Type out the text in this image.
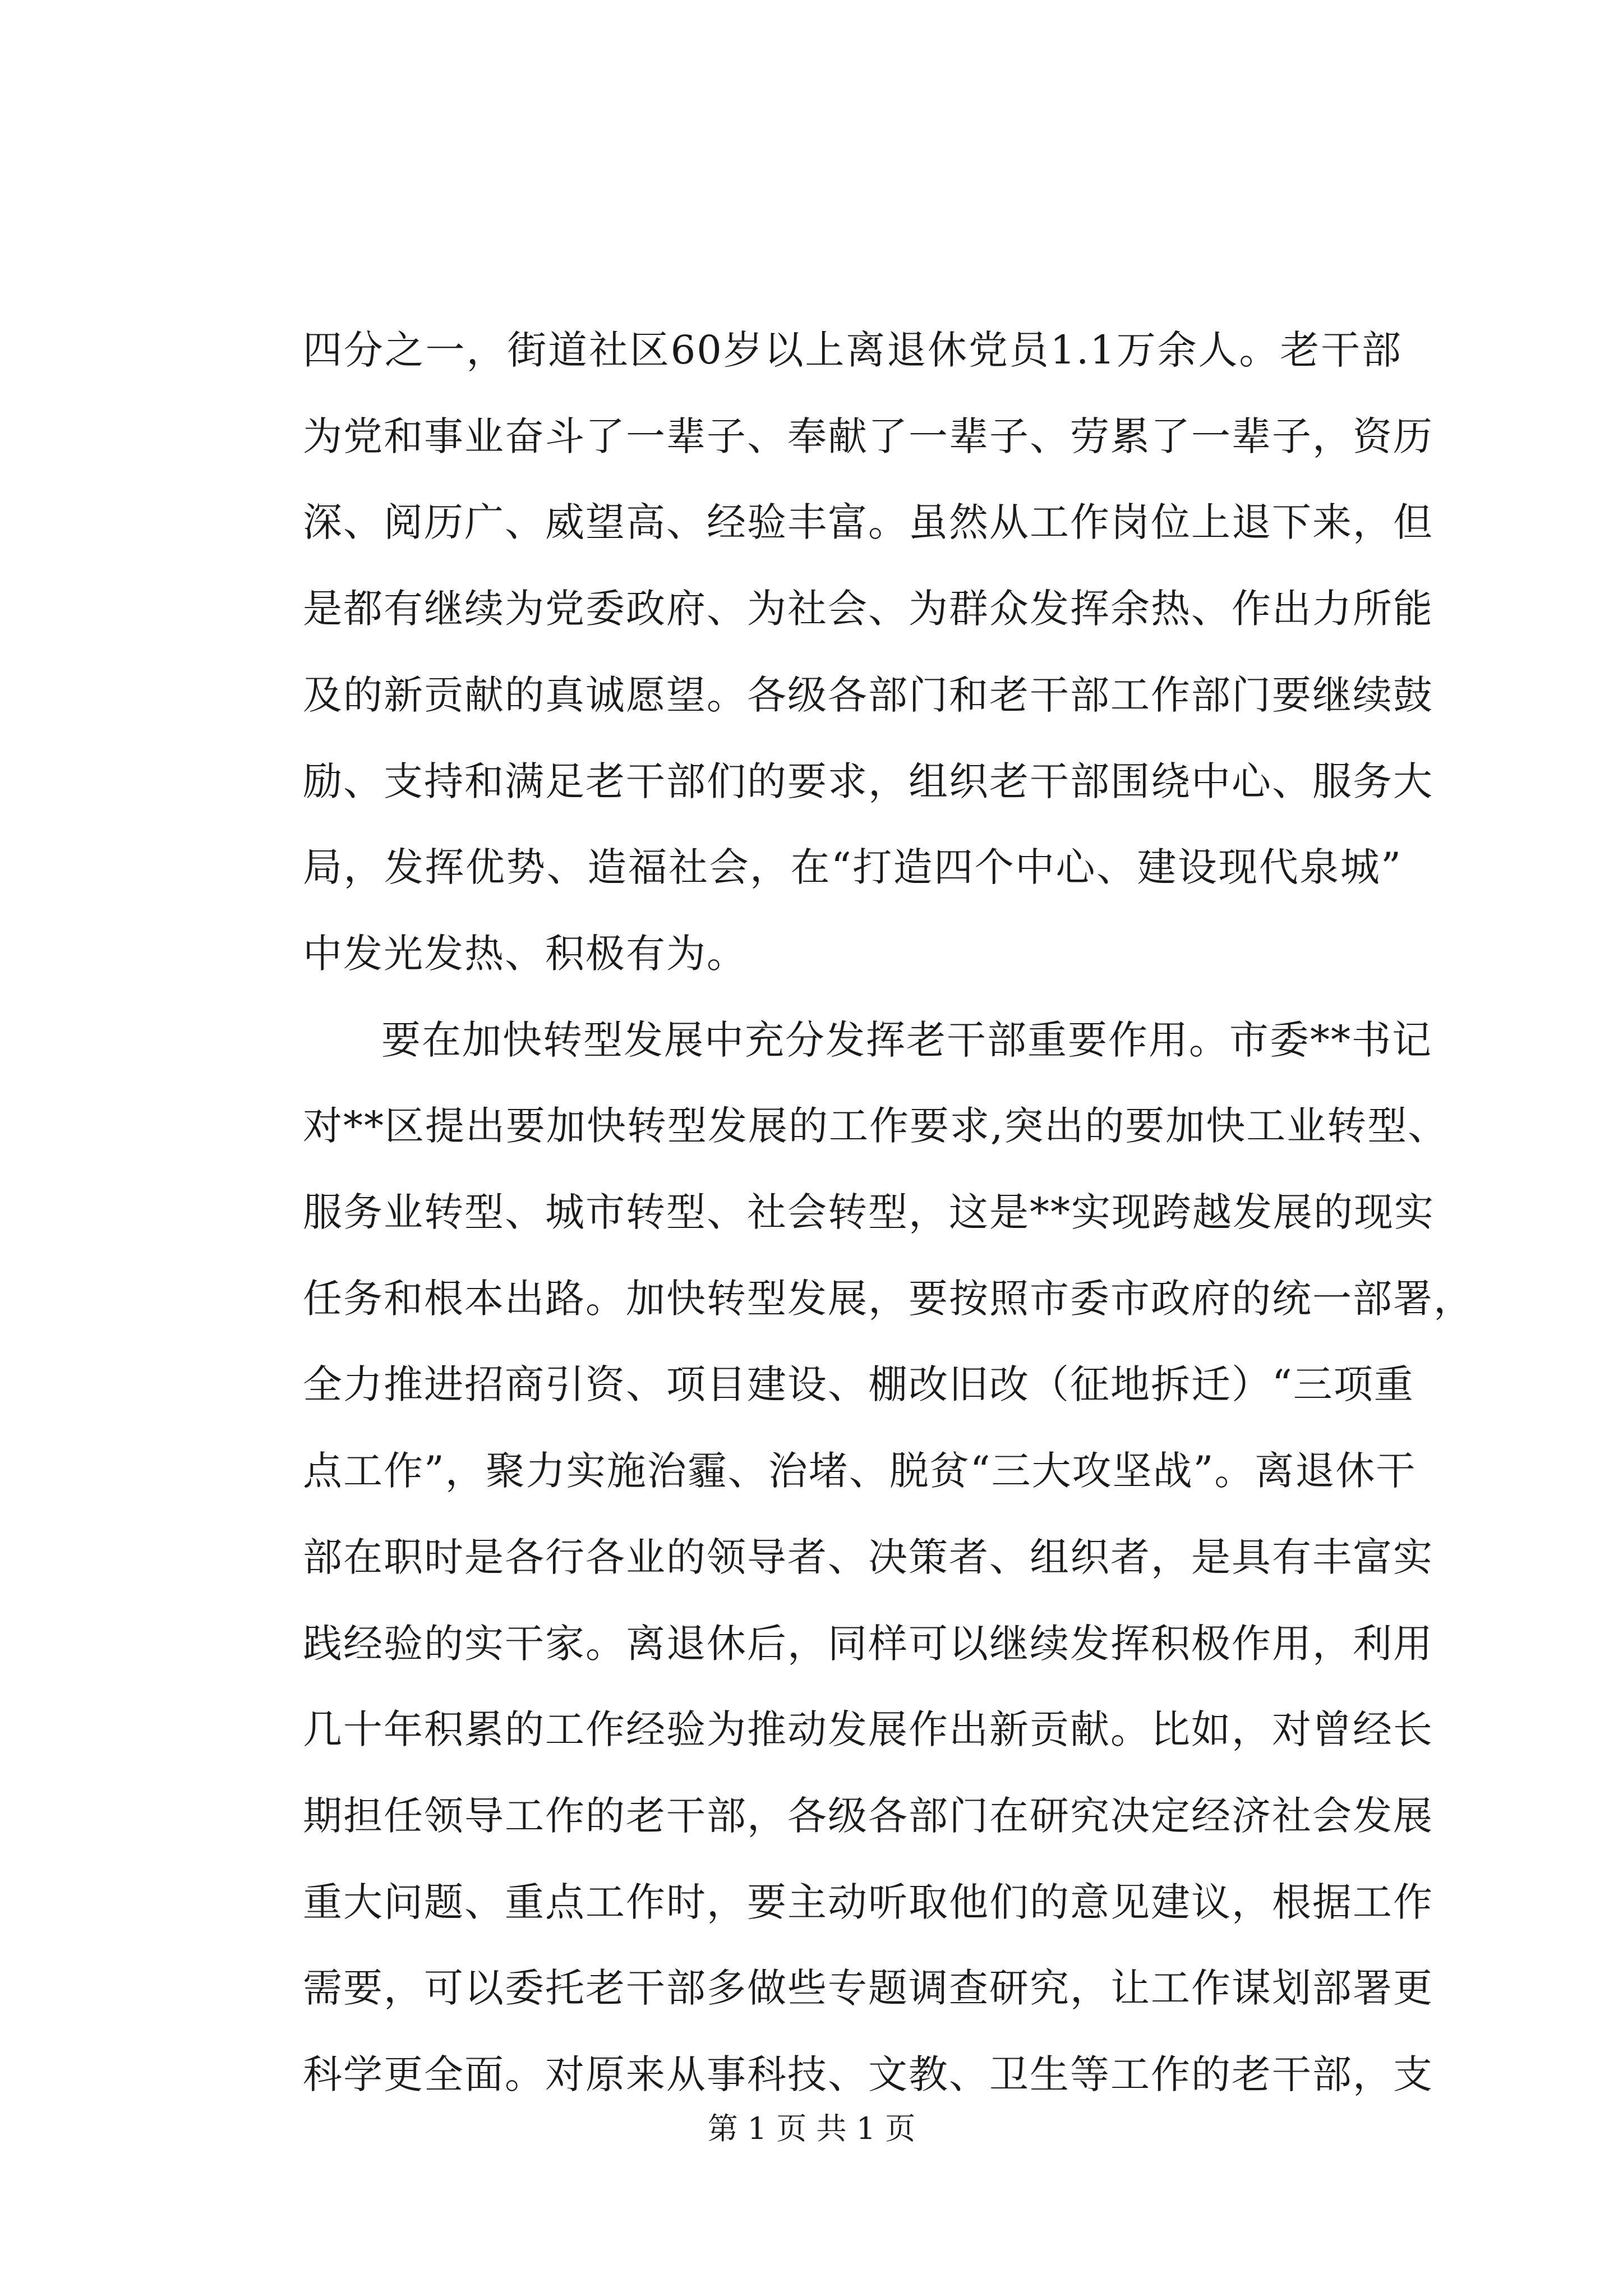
四分之一，街道社区60岁以上离退休党员1.1万余人。老干部
为党和事业奋斗了一辈子、奉献了一辈子、劳累了一辈子，资历
深、阅历广、威望高、经验丰富。虽然从工作岗位上退下来，但
是都有继续为党委政府、为社会、为群众发挥余热、作出力所能
及的新贡献的真诚愿望。各级各部门和老干部工作部门要继续鼓
励、支持和满足老干部们的要求，组织老干部围绕中心、服务大
局，发挥优势、造福社会，在“打造四个中心、建设现代泉城”
中发光发热、积极有为。
要在加快转型发展中充分发挥老干部重要作用。市委**书记
对**区提出要加快转型发展的工作要求,突出的要加快工业转型、
服务业转型、城市转型、社会转型，这是**实现跨越发展的现实
任务和根本出路。加快转型发展，要按照市委市政府的统一部署，
全力推进招商引资、项目建设、棚改旧改（征地拆迁）“三项重
点工作”，聚力实施治霾、治堵、脱贫“三大攻坚战”。离退休干
部在职时是各行各业的领导者、决策者、组织者，是具有丰富实
践经验的实干家。离退休后，同样可以继续发挥积极作用，利用
几十年积累的工作经验为推动发展作出新贡献。比如，对曾经长
期担任领导工作的老干部，各级各部门在研究决定经济社会发展
重大问题、重点工作时，要主动听取他们的意见建议，根据工作
需要，可以委托老干部多做些专题调查研究，让工作谋划部署更
科学更全面。对原来从事科技、文教、卫生等工作的老干部，支
第 1 页 共 1 页
